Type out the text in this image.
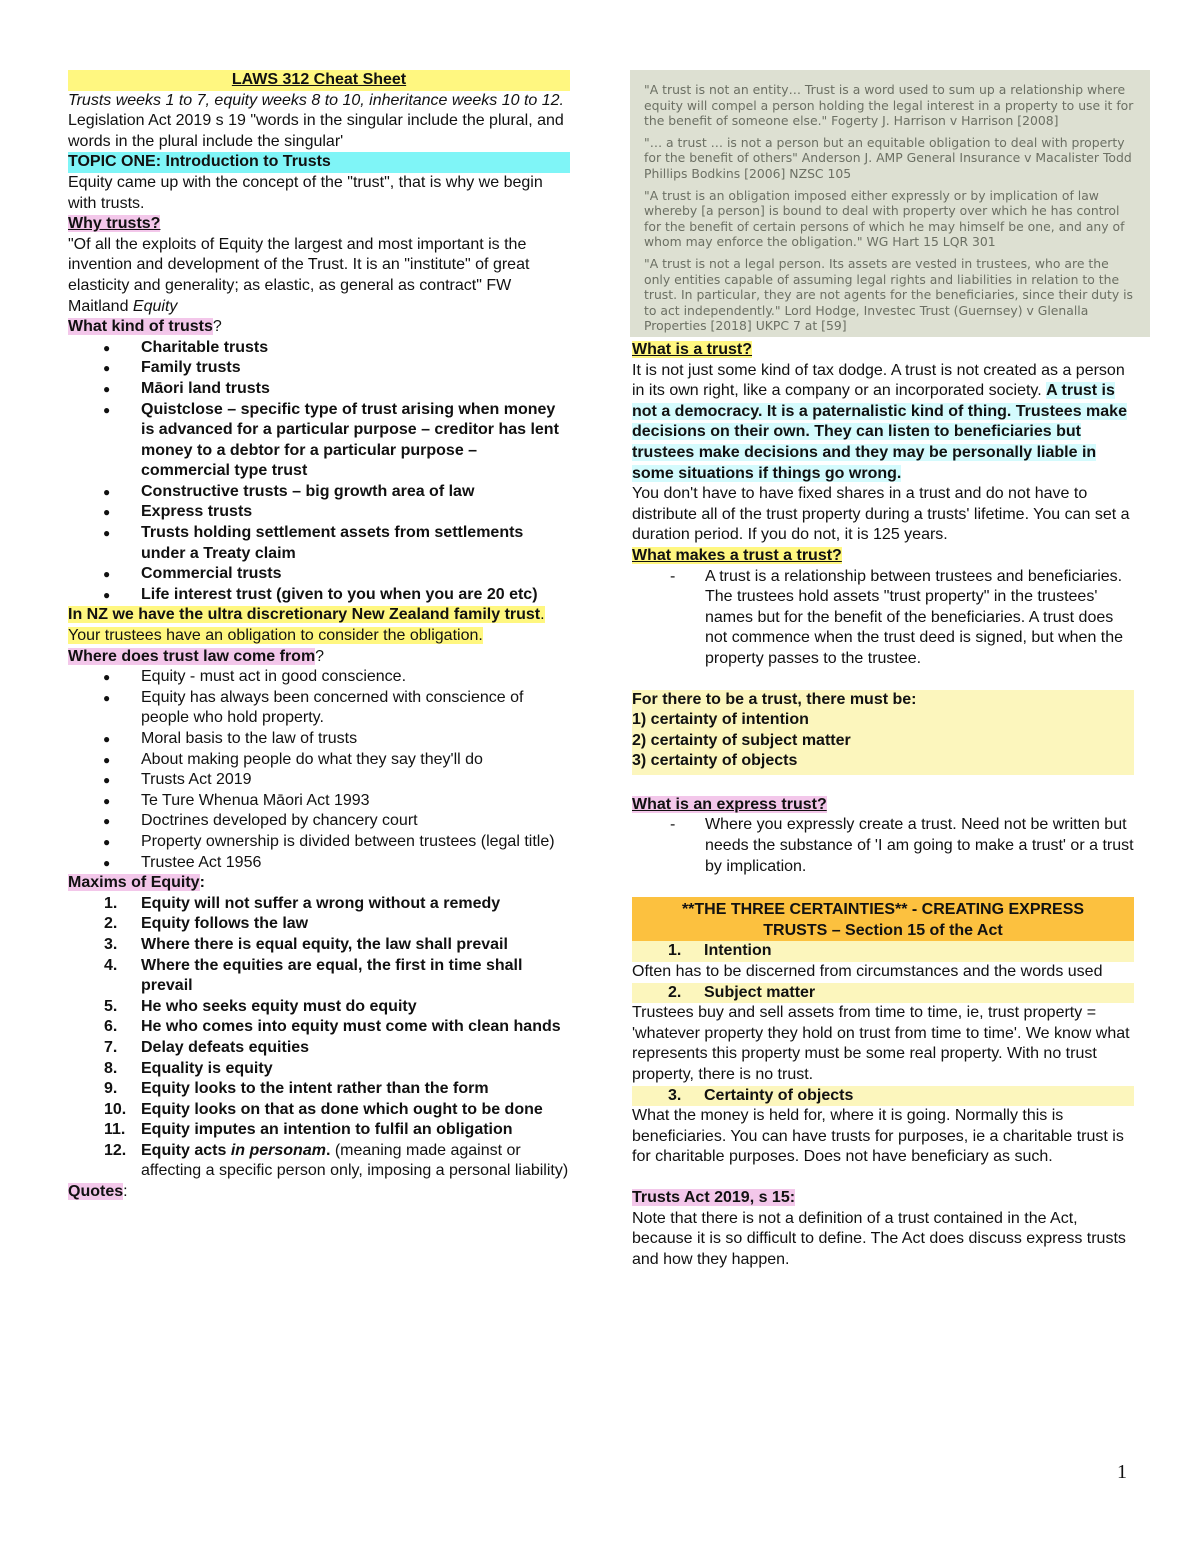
LAWS 312 Cheat Sheet

Trusts weeks 1 to 7, equity weeks 8 to 10, inheritance weeks 10 to 12.

Legislation Act 2019 s 19 "words in the singular include the plural, and words in the plural include the singular'

TOPIC ONE: Introduction to Trusts

Equity came up with the concept of the "trust", that is why we begin with trusts.

Why trusts?

"Of all the exploits of Equity the largest and most important is the invention and development of the Trust. It is an "institute" of great elasticity and generality; as elastic, as general as contract" FW Maitland Equity

What kind of trusts?

● Charitable trusts
● Family trusts
● Māori land trusts
● Quistclose – specific type of trust arising when money is advanced for a particular purpose – creditor has lent money to a debtor for a particular purpose – commercial type trust
● Constructive trusts – big growth area of law
● Express trusts
● Trusts holding settlement assets from settlements under a Treaty claim
● Commercial trusts
● Life interest trust (given to you when you are 20 etc)

In NZ we have the ultra discretionary New Zealand family trust. Your trustees have an obligation to consider the obligation.

Where does trust law come from?

● Equity - must act in good conscience.
● Equity has always been concerned with conscience of people who hold property.
● Moral basis to the law of trusts
● About making people do what they say they'll do
● Trusts Act 2019
● Te Ture Whenua Māori Act 1993
● Doctrines developed by chancery court
● Property ownership is divided between trustees (legal title)
● Trustee Act 1956

Maxims of Equity:

1. Equity will not suffer a wrong without a remedy
2. Equity follows the law
3. Where there is equal equity, the law shall prevail
4. Where the equities are equal, the first in time shall prevail
5. He who seeks equity must do equity
6. He who comes into equity must come with clean hands
7. Delay defeats equities
8. Equality is equity
9. Equity looks to the intent rather than the form
10. Equity looks on that as done which ought to be done
11. Equity imputes an intention to fulfil an obligation
12. Equity acts in personam. (meaning made against or affecting a specific person only, imposing a personal liability)

Quotes:

"A trust is not an entity… Trust is a word used to sum up a relationship where equity will compel a person holding the legal interest in a property to use it for the benefit of someone else." Fogerty J. Harrison v Harrison [2008]

"… a trust … is not a person but an equitable obligation to deal with property for the benefit of others" Anderson J. AMP General Insurance v Macalister Todd Phillips Bodkins [2006] NZSC 105

"A trust is an obligation imposed either expressly or by implication of law whereby [a person] is bound to deal with property over which he has control for the benefit of certain persons of which he may himself be one, and any of whom may enforce the obligation." WG Hart 15 LQR 301

"A trust is not a legal person. Its assets are vested in trustees, who are the only entities capable of assuming legal rights and liabilities in relation to the trust. In particular, they are not agents for the beneficiaries, since their duty is to act independently." Lord Hodge, Investec Trust (Guernsey) v Glenalla Properties [2018] UKPC 7 at [59]

What is a trust?

It is not just some kind of tax dodge. A trust is not created as a person in its own right, like a company or an incorporated society. A trust is not a democracy. It is a paternalistic kind of thing. Trustees make decisions on their own. They can listen to beneficiaries but trustees make decisions and they may be personally liable in some situations if things go wrong.

You don't have to have fixed shares in a trust and do not have to distribute all of the trust property during a trusts' lifetime. You can set a duration period. If you do not, it is 125 years.

What makes a trust a trust?

- A trust is a relationship between trustees and beneficiaries. The trustees hold assets "trust property" in the trustees' names but for the benefit of the beneficiaries. A trust does not commence when the trust deed is signed, but when the property passes to the trustee.

For there to be a trust, there must be:

1) certainty of intention

2) certainty of subject matter

3) certainty of objects

What is an express trust?

- Where you expressly create a trust. Need not be written but needs the substance of 'I am going to make a trust' or a trust by implication.

**THE THREE CERTAINTIES** - CREATING EXPRESS

TRUSTS – Section 15 of the Act

1. Intention

Often has to be discerned from circumstances and the words used

2. Subject matter

Trustees buy and sell assets from time to time, ie, trust property = 'whatever property they hold on trust from time to time'. We know what represents this property must be some real property. With no trust property, there is no trust.

3. Certainty of objects

What the money is held for, where it is going. Normally this is beneficiaries. You can have trusts for purposes, ie a charitable trust is for charitable purposes. Does not have beneficiary as such.

Trusts Act 2019, s 15:

Note that there is not a definition of a trust contained in the Act, because it is so difficult to define. The Act does discuss express trusts and how they happen.

1
